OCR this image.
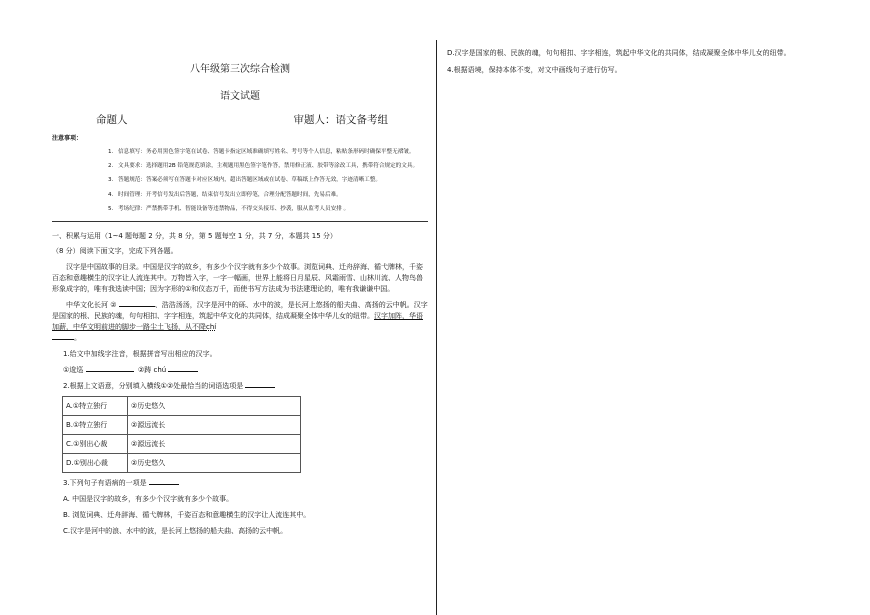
八年级第三次综合检测
语文试题
命题人	审题人：语文备考组
注意事项：
1. 信息填写：务必用黑色签字笔在试卷、答题卡指定区域准确填写姓名、考号等个人信息，粘贴条形码时确保平整无褶皱。
2. 文具要求：选择题用2B 铅笔规范填涂，主观题用黑色签字笔作答，禁用修正液、胶带等涂改工具，携带符合规定的文具。
3. 答题规范：答案必须写在答题卡对应区域内，超出答题区域或在试卷、草稿纸上作答无效，字迹清晰工整。
4. 时间管理：开考信号发出后答题，结束信号发出立即停笔，合理分配答题时间，先易后难。
5. 考场纪律：严禁携带手机、智能设备等违禁物品，不得交头接耳、抄袭，服从监考人员安排 。
一、积累与运用（1~4 题每题 2 分，共 8 分，第 5 题每空 1 分，共 7 分，本题共 15 分）
（8 分）阅读下面文字，完成下列各题。
汉字是中国故事的目录。中国是汉字的故乡，有多少个汉字就有多少个故事。浏览词典、迁舟辞海、循弋牌林，千姿百态和意趣横生的汉字让人流连其中。万物皆入字，一字一幅画，世界上能将日月星辰、风霜雨雪、山林川流、人物鸟兽形象成字的，唯有我选读中国；因为字形的①和仪态万千，而使书写方法成为书法建理论的，唯有我谦谦中国。
中华文化长河 ②	、浩浩汤汤，汉字是河中的砾、水中的波，是长河上悠扬的船夫曲、高扬的云中帆。汉字是国家的根、民族的魂，句句相扣、字字相连，筑起中华文化的共同体，结成凝聚全体中华儿女的纽带。汉字加阵，华语加薪，中华文明前进的脚步一路尘土飞扬，从不降chí
。
1.给文中加线字注音，根据拼音写出相应的汉字。
①逡巡	②踌 chú
2.根据上文语意，分别填入横线①②处最恰当的词语选项是
A.①特立独行	②历史悠久
B.①特立独行	②源远流长
C.①别出心裁	②源远流长
D.①别出心裁	②历史悠久
3.下列句子有语病的一项是
A. 中国是汉字的故乡，有多少个汉字就有多少个故事。
B. 浏览词典、迁舟辞海、循弋牌林，千姿百态和意趣横生的汉字让人流连其中。
C.汉字是河中的浪、水中的波，是长河上悠扬的船夫曲、高扬的云中帆。
D.汉字是国家的根、民族的魂，句句相扣、字字相连，筑起中华文化的共同体，结成凝聚全体中华儿女的纽带。
4.根据语境，保持本体不变，对文中画线句子进行仿写。
